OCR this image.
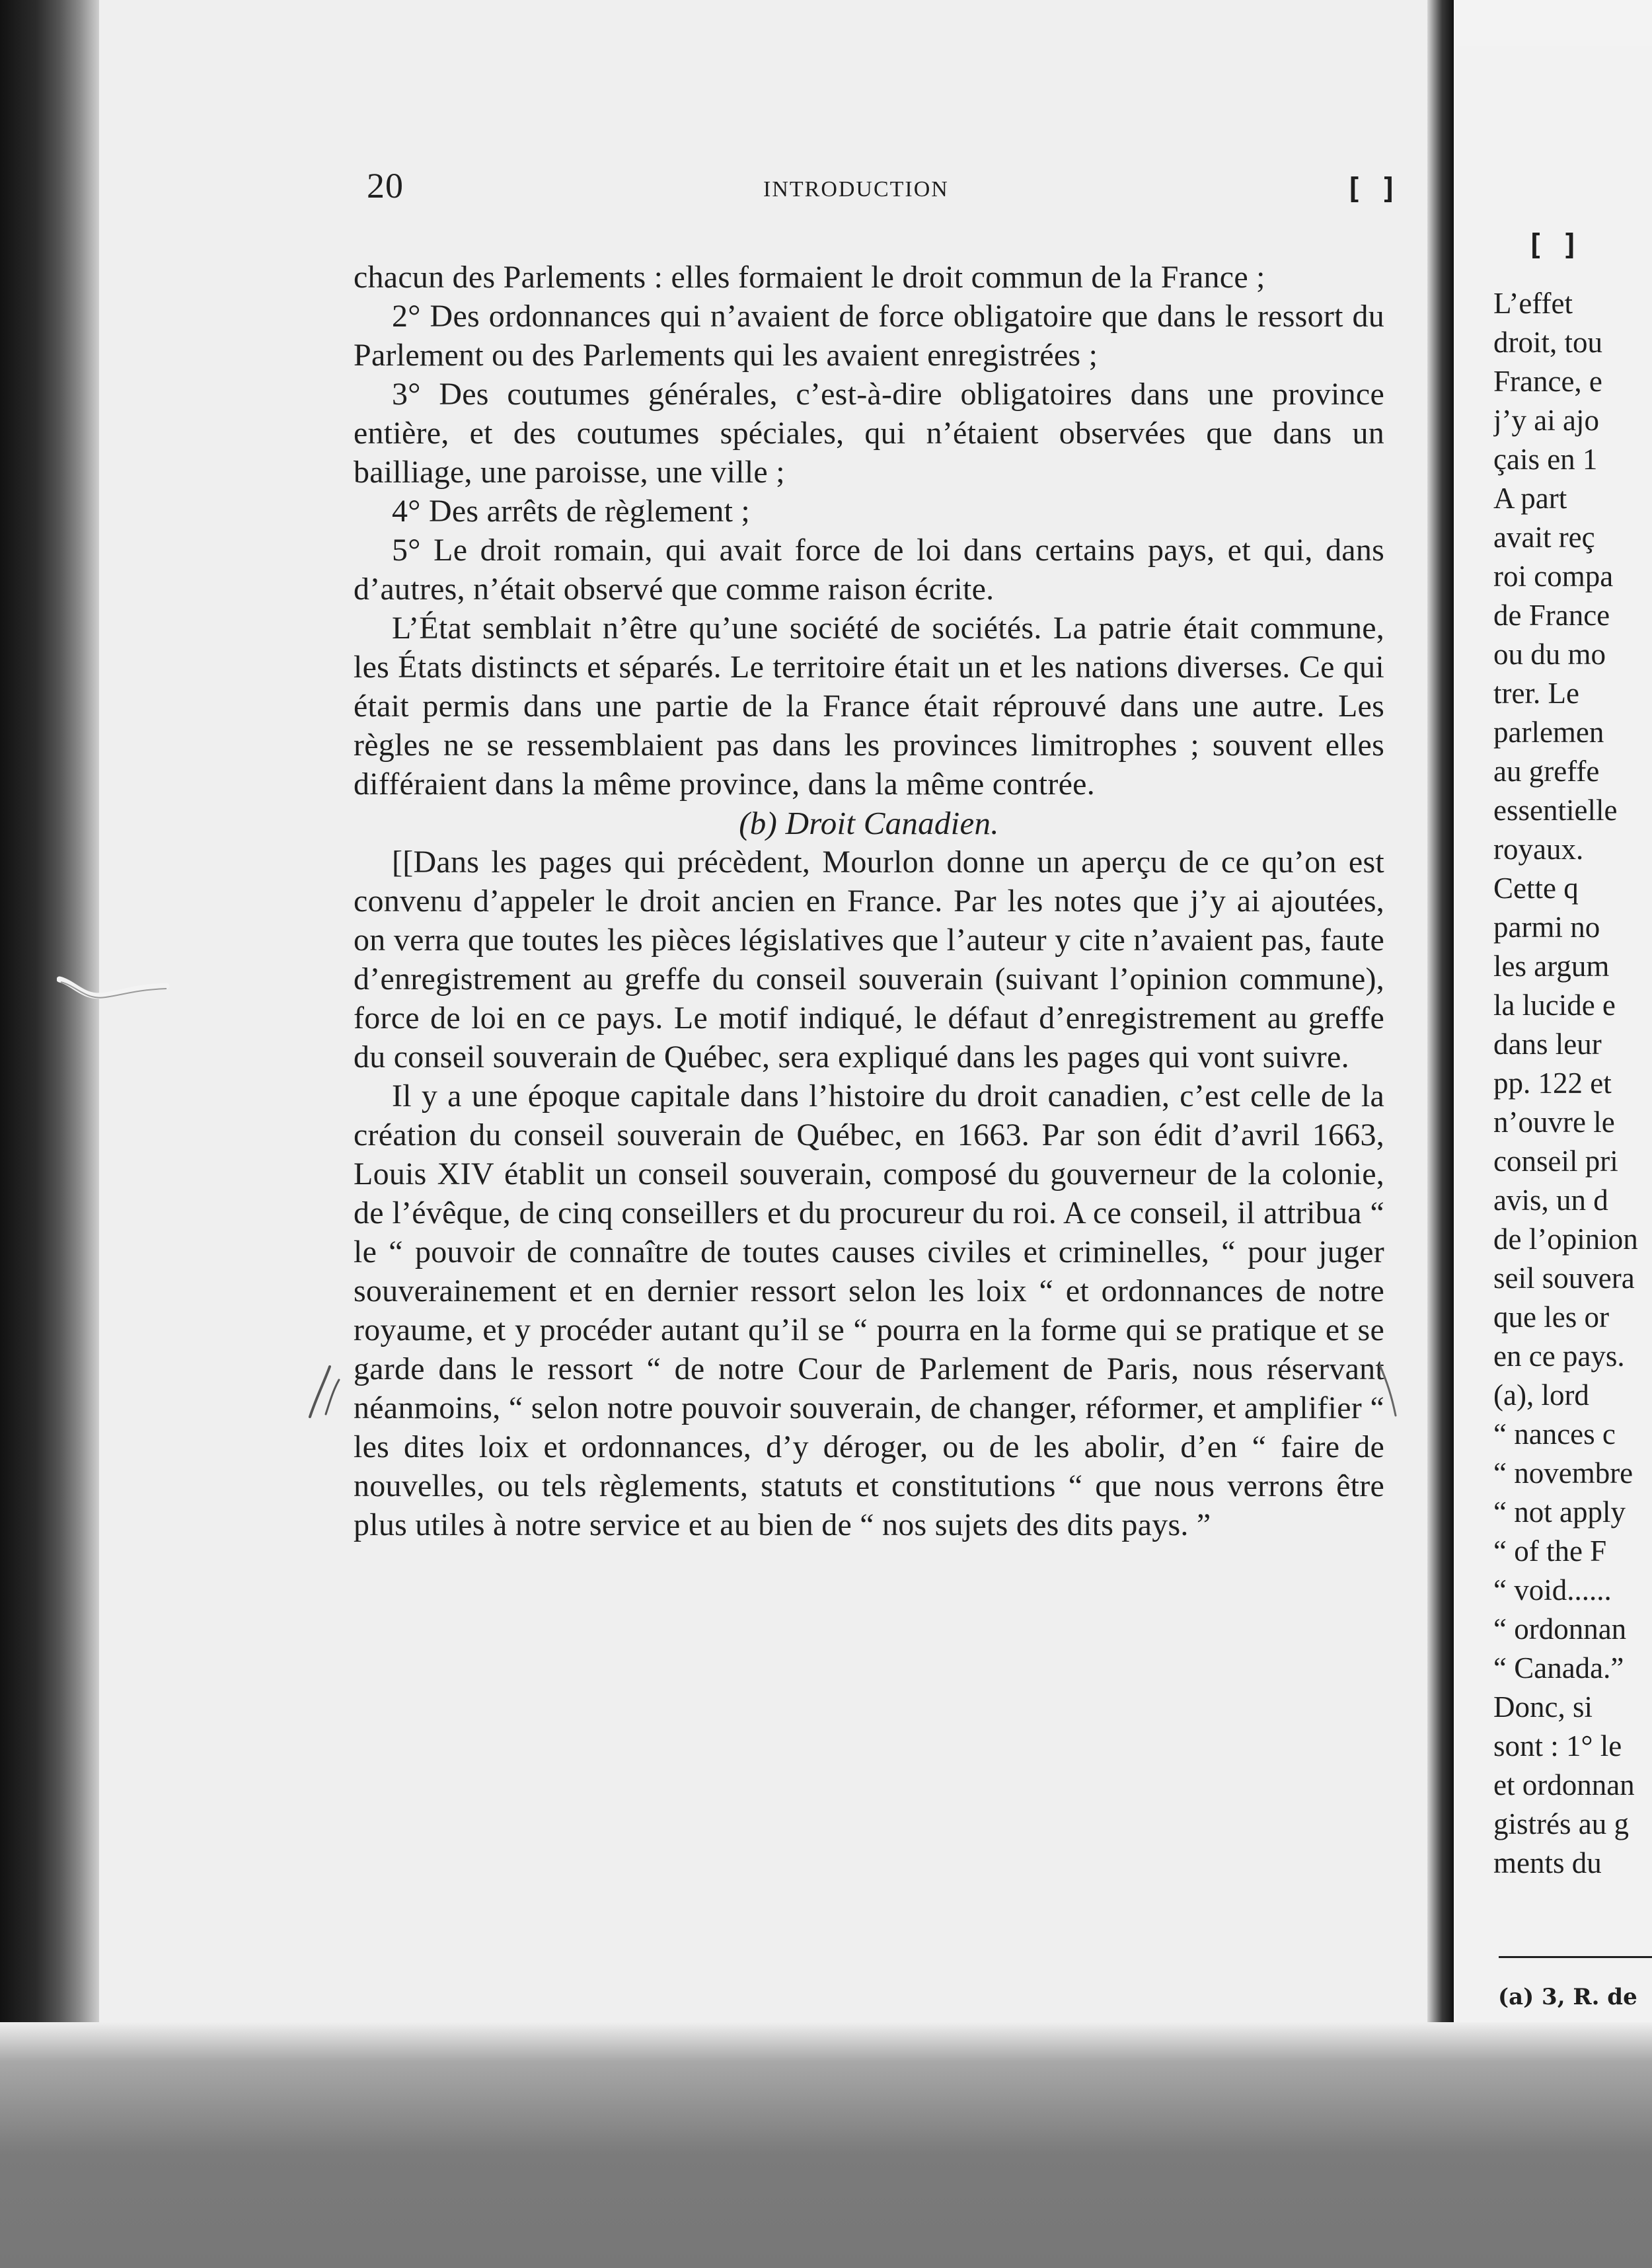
20	INTRODUCTION	[ ]

chacun des Parlements : elles formaient le droit commun de la France ;

2° Des ordonnances qui n’avaient de force obligatoire que dans le ressort du Parlement ou des Parlements qui les avaient enregistrées ;

3° Des coutumes générales, c’est-à-dire obligatoires dans une province entière, et des coutumes spéciales, qui n’étaient observées que dans un bailliage, une paroisse, une ville ;

4° Des arrêts de règlement ;

5° Le droit romain, qui avait force de loi dans certains pays, et qui, dans d’autres, n’était observé que comme raison écrite.

L’État semblait n’être qu’une société de sociétés. La patrie était commune, les États distincts et séparés. Le territoire était un et les nations diverses. Ce qui était permis dans une partie de la France était réprouvé dans une autre. Les règles ne se ressemblaient pas dans les provinces limitrophes ; souvent elles différaient dans la même province, dans la même contrée.

(b) Droit Canadien.

[[Dans les pages qui précèdent, Mourlon donne un aperçu de ce qu’on est convenu d’appeler le droit ancien en France. Par les notes que j’y ai ajoutées, on verra que toutes les pièces législatives que l’auteur y cite n’avaient pas, faute d’enregistrement au greffe du conseil souverain (suivant l’opinion commune), force de loi en ce pays. Le motif indiqué, le défaut d’enregistrement au greffe du conseil souverain de Québec, sera expliqué dans les pages qui vont suivre.

Il y a une époque capitale dans l’histoire du droit canadien, c’est celle de la création du conseil souverain de Québec, en 1663. Par son édit d’avril 1663, Louis XIV établit un conseil souverain, composé du gouverneur de la colonie, de l’évêque, de cinq conseillers et du procureur du roi. A ce conseil, il attribua “ le “ pouvoir de connaître de toutes causes civiles et criminelles, “ pour juger souverainement et en dernier ressort selon les loix “ et ordonnances de notre royaume, et y procéder autant qu’il se “ pourra en la forme qui se pratique et se garde dans le ressort “ de notre Cour de Parlement de Paris, nous réservant néanmoins, “ selon notre pouvoir souverain, de changer, réformer, et amplifier “ les dites loix et ordonnances, d’y déroger, ou de les abolir, d’en “ faire de nouvelles, ou tels règlements, statuts et constitutions “ que nous verrons être plus utiles à notre service et au bien de “ nos sujets des dits pays. ”

[ ]
L’effet
droit, tou
France, e
j’y ai ajo
çais en 1
A part
avait reç
roi compa
de France
ou du mo
trer. Le
parlemen
au greffe
essentielle
royaux.
Cette q
parmi no
les argum
la lucide e
dans leur
pp. 122 et
n’ouvre le
conseil pri
avis, un d
de l’opinion
seil souvera
que les or
en ce pays.
(a), lord
“ nances c
“ novembre
“ not apply
“ of the F
“ void......
“ ordonnan
“ Canada.”
Donc, si
sont : 1° le
et ordonnan
gistrés au g
ments du
(a) 3, R. de
